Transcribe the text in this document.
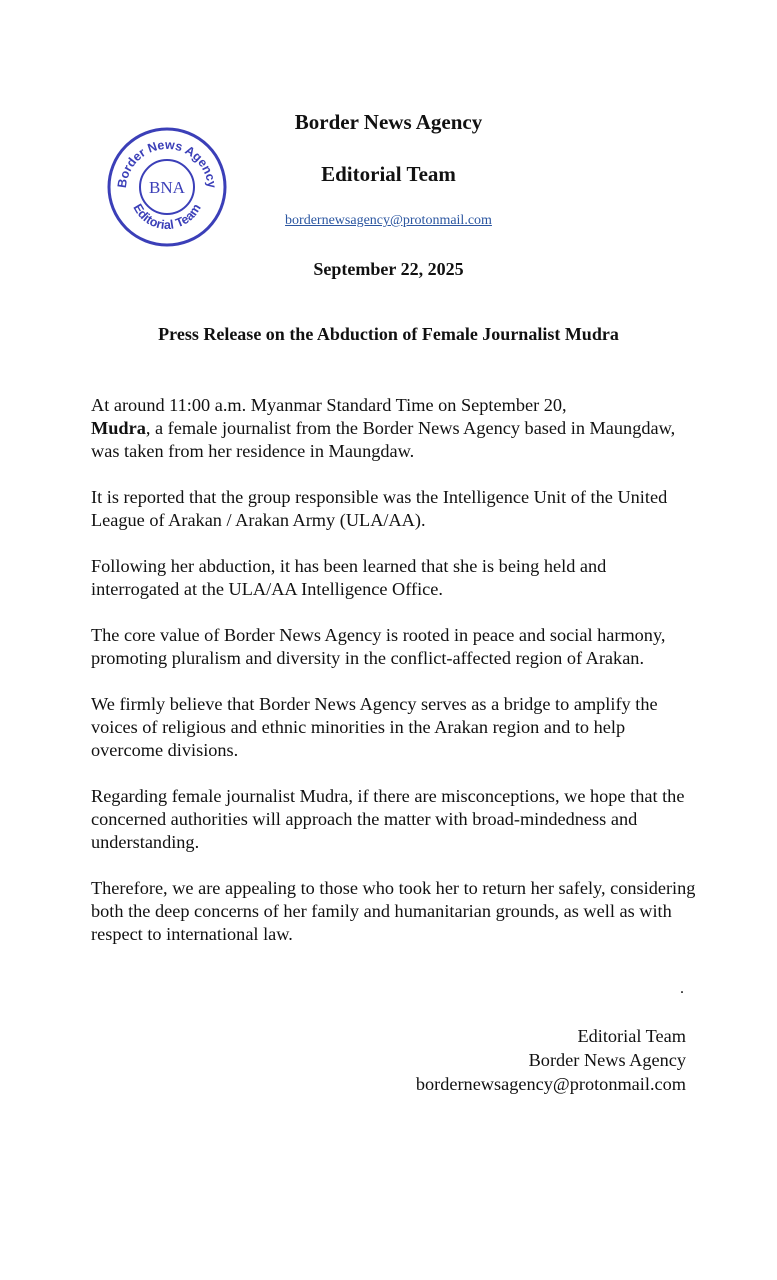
Border News Agency
Editorial Team
BNA
Border News Agency
Editorial Team
bordernewsagency@protonmail.com
September 22, 2025
Press Release on the Abduction of Female Journalist Mudra

At around 11:00 a.m. Myanmar Standard Time on September 20,
Mudra, a female journalist from the Border News Agency based in Maungdaw, was taken from her residence in Maungdaw.

It is reported that the group responsible was the Intelligence Unit of the United League of Arakan / Arakan Army (ULA/AA).

Following her abduction, it has been learned that she is being held and interrogated at the ULA/AA Intelligence Office.

The core value of Border News Agency is rooted in peace and social harmony, promoting pluralism and diversity in the conflict-affected region of Arakan.

We firmly believe that Border News Agency serves as a bridge to amplify the voices of religious and ethnic minorities in the Arakan region and to help overcome divisions.

Regarding female journalist Mudra, if there are misconceptions, we hope that the concerned authorities will approach the matter with broad-mindedness and understanding.

Therefore, we are appealing to those who took her to return her safely, considering both the deep concerns of her family and humanitarian grounds, as well as with respect to international law.

.
Editorial Team
Border News Agency
bordernewsagency@protonmail.com
